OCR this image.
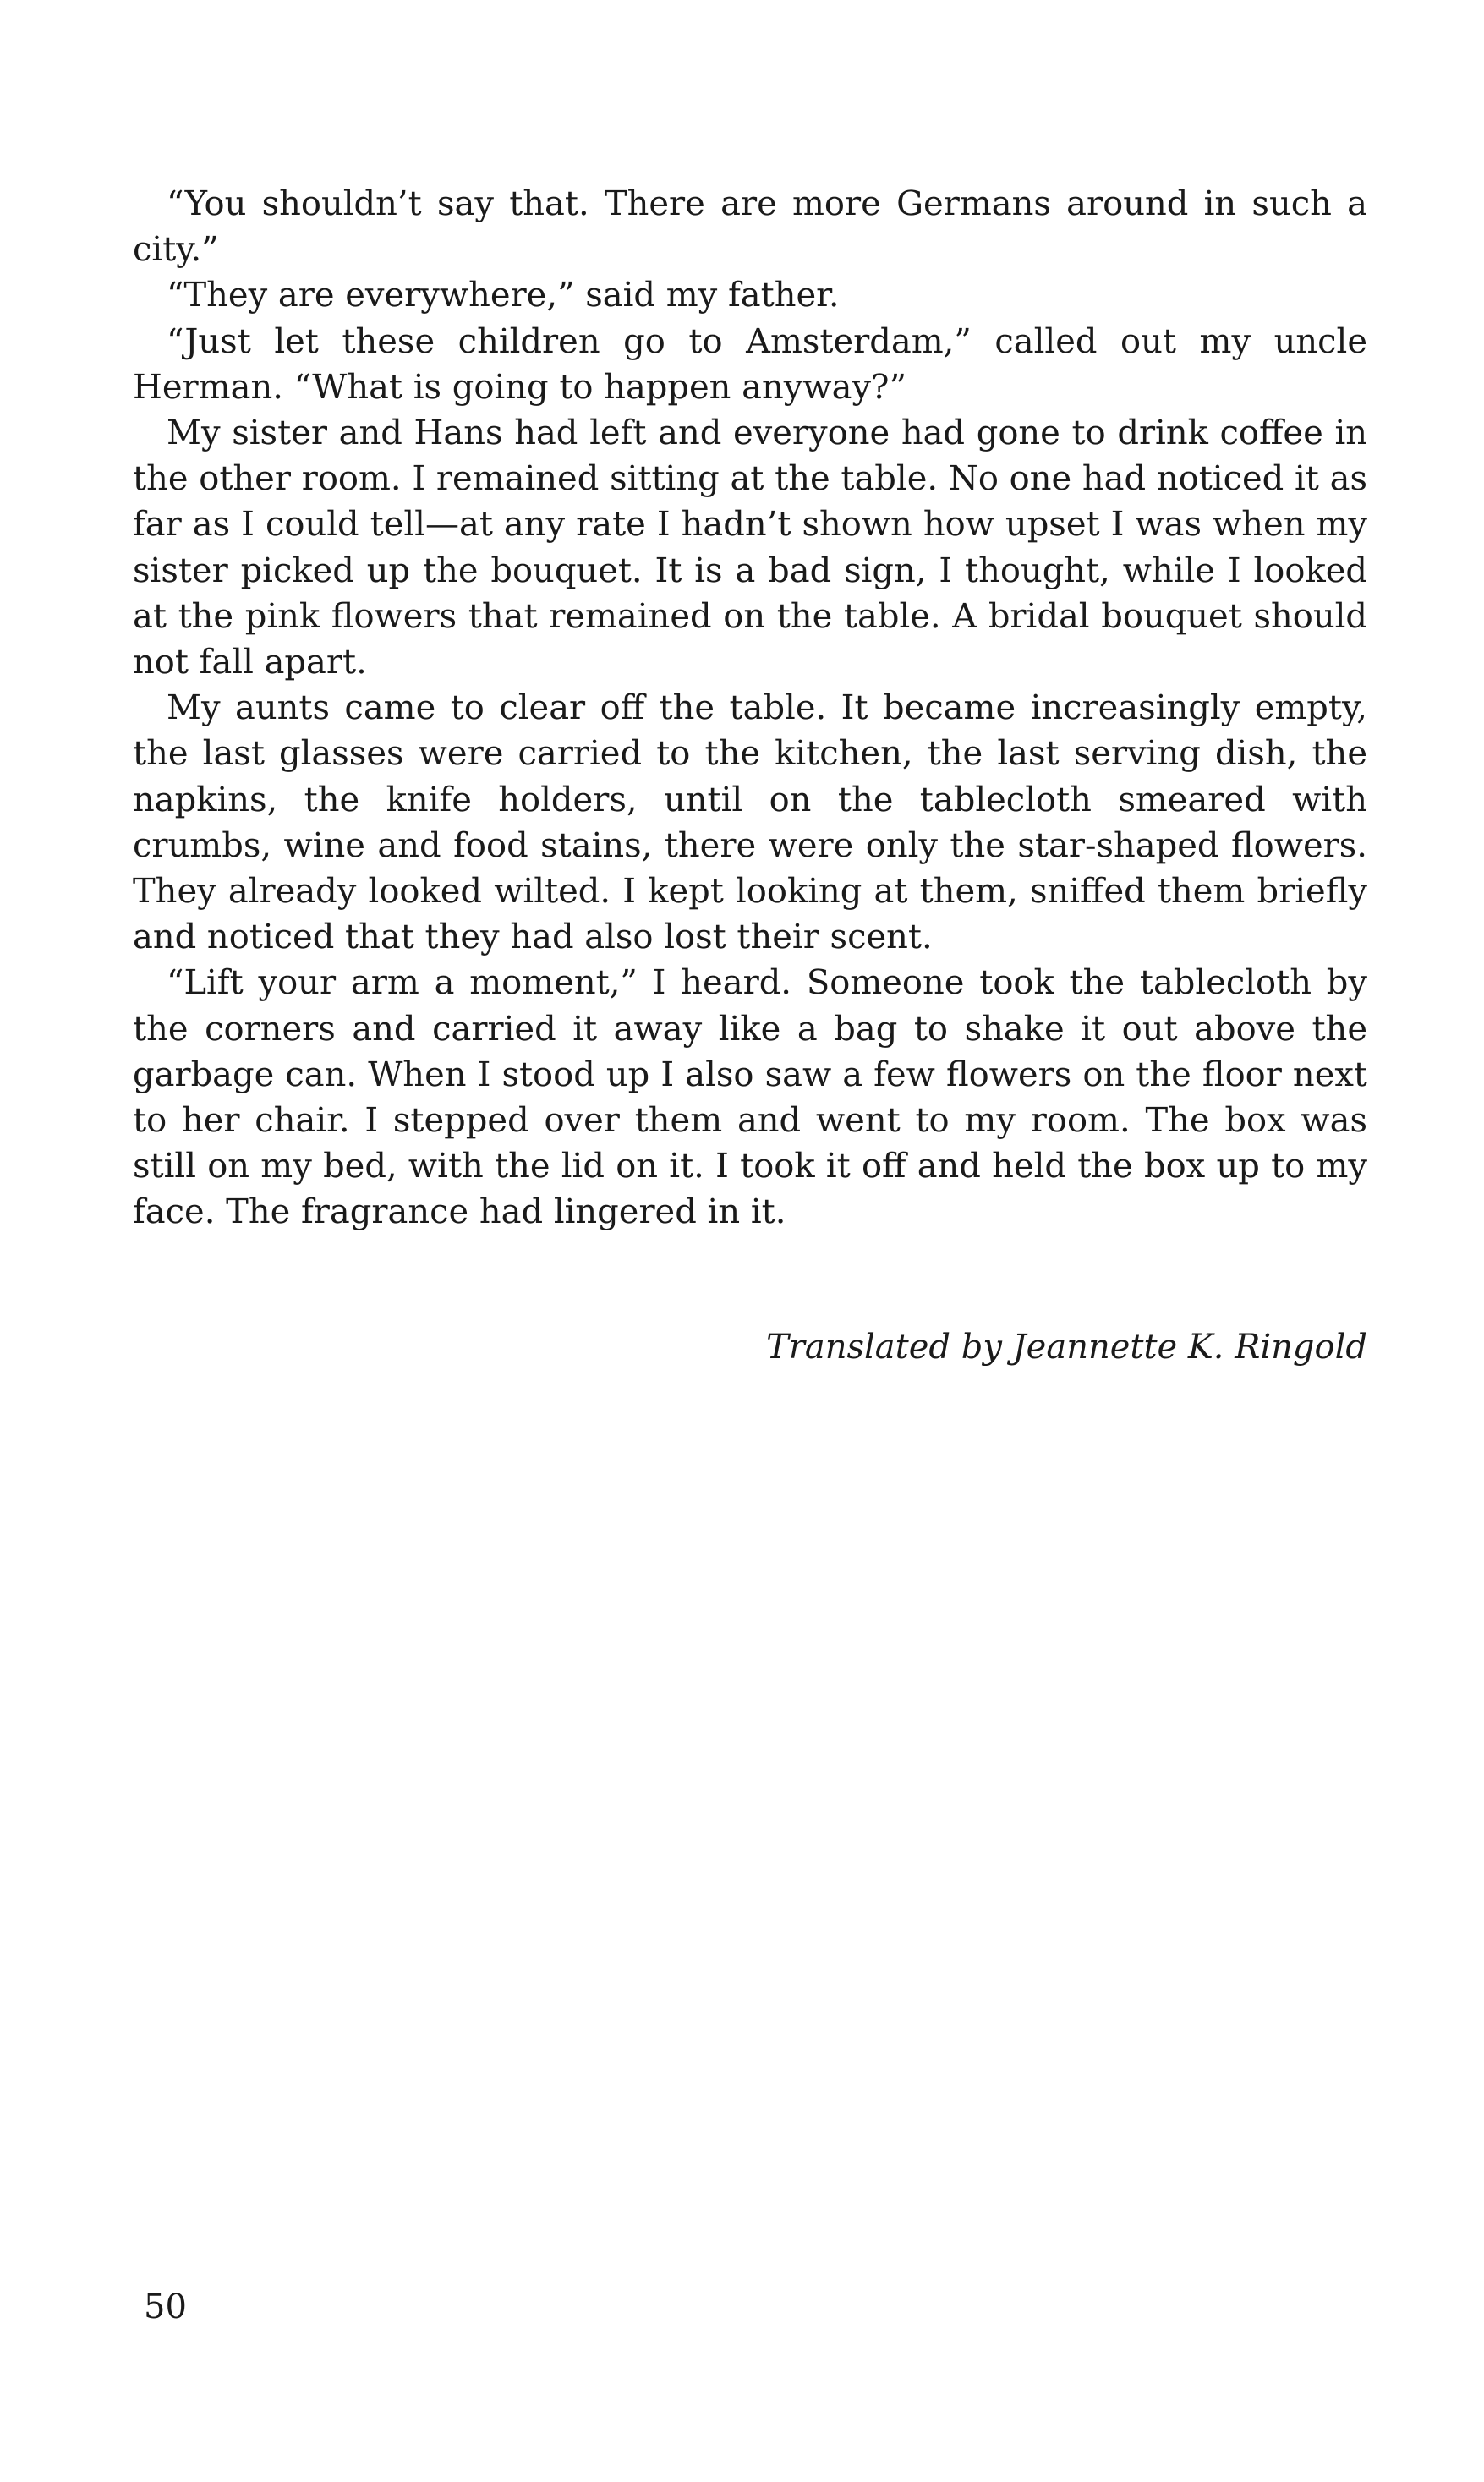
“You shouldn’t say that. There are more Germans around in such a city.”

“They are everywhere,” said my father.

“Just let these children go to Amsterdam,” called out my uncle Herman. “What is going to happen anyway?”

My sister and Hans had left and everyone had gone to drink coffee in the other room. I remained sitting at the table. No one had noticed it as far as I could tell—at any rate I hadn’t shown how upset I was when my sister picked up the bouquet. It is a bad sign, I thought, while I looked at the pink flowers that remained on the table. A bridal bouquet should not fall apart.

My aunts came to clear off the table. It became increasingly empty, the last glasses were carried to the kitchen, the last serving dish, the napkins, the knife holders, until on the tablecloth smeared with crumbs, wine and food stains, there were only the star-shaped flowers. They already looked wilted. I kept looking at them, sniffed them briefly and noticed that they had also lost their scent.

“Lift your arm a moment,” I heard. Someone took the tablecloth by the corners and carried it away like a bag to shake it out above the garbage can. When I stood up I also saw a few flowers on the floor next to her chair. I stepped over them and went to my room. The box was still on my bed, with the lid on it. I took it off and held the box up to my face. The fragrance had lingered in it.

Translated by Jeannette K. Ringold
50
